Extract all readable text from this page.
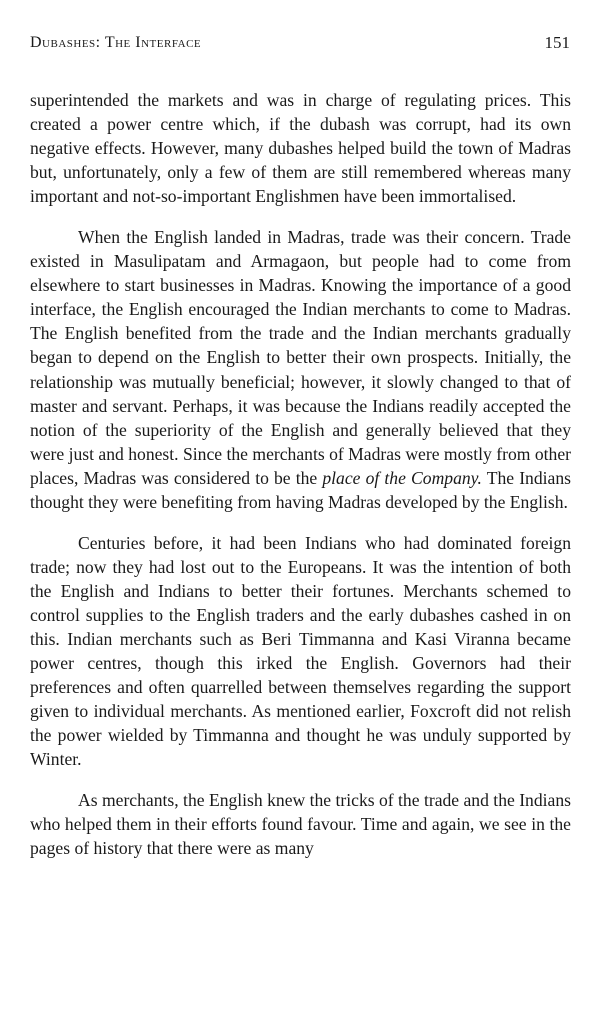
Dubashes: The Interface	151

superintended the markets and was in charge of regulating prices. This created a power centre which, if the dubash was corrupt, had its own negative effects. However, many dubashes helped build the town of Madras but, unfortunately, only a few of them are still remembered whereas many important and not-so-important Englishmen have been immortalised.

When the English landed in Madras, trade was their concern. Trade existed in Masulipatam and Armagaon, but people had to come from elsewhere to start businesses in Madras. Knowing the importance of a good interface, the English encouraged the Indian merchants to come to Madras. The English benefited from the trade and the Indian merchants gradually began to depend on the English to better their own prospects. Initially, the relationship was mutually beneficial; however, it slowly changed to that of master and servant. Perhaps, it was because the Indians readily accepted the notion of the superiority of the English and generally believed that they were just and honest. Since the merchants of Madras were mostly from other places, Madras was considered to be the place of the Company. The Indians thought they were benefiting from having Madras developed by the English.

Centuries before, it had been Indians who had dominated foreign trade; now they had lost out to the Europeans. It was the intention of both the English and Indians to better their fortunes. Merchants schemed to control supplies to the English traders and the early dubashes cashed in on this. Indian merchants such as Beri Timmanna and Kasi Viranna became power centres, though this irked the English. Governors had their preferences and often quarrelled between themselves regarding the support given to individual merchants. As mentioned earlier, Foxcroft did not relish the power wielded by Timmanna and thought he was unduly supported by Winter.

As merchants, the English knew the tricks of the trade and the Indians who helped them in their efforts found favour. Time and again, we see in the pages of history that there were as many
